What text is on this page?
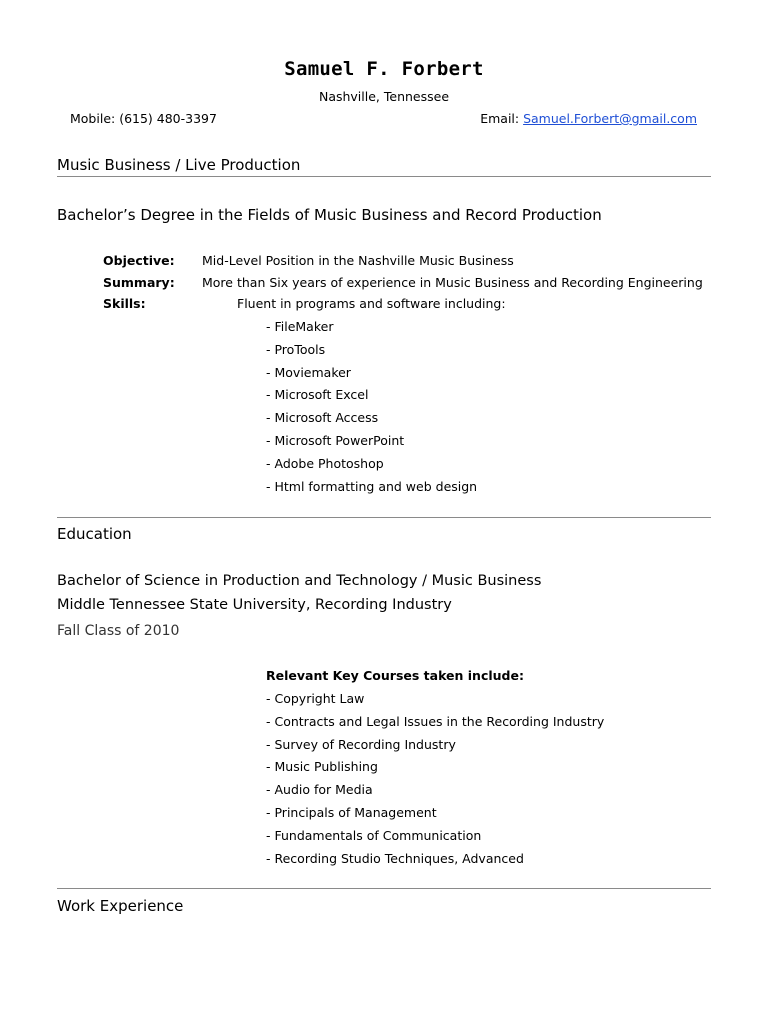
Samuel F. Forbert
Nashville, Tennessee
Mobile: (615) 480-3397	Email: Samuel.Forbert@gmail.com
Music Business / Live Production
Bachelor’s Degree in the Fields of Music Business and Record Production
Objective: Mid-Level Position in the Nashville Music Business
Summary: More than Six years of experience in Music Business and Recording Engineering
Skills:	Fluent in programs and software including:
- FileMaker
- ProTools
- Moviemaker
- Microsoft Excel
- Microsoft Access
- Microsoft PowerPoint
- Adobe Photoshop
- Html formatting and web design
Education
Bachelor of Science in Production and Technology / Music Business
Middle Tennessee State University, Recording Industry
Fall Class of 2010
Relevant Key Courses taken include:
- Copyright Law
- Contracts and Legal Issues in the Recording Industry
- Survey of Recording Industry
- Music Publishing
- Audio for Media
- Principals of Management
- Fundamentals of Communication
- Recording Studio Techniques, Advanced
Work Experience
